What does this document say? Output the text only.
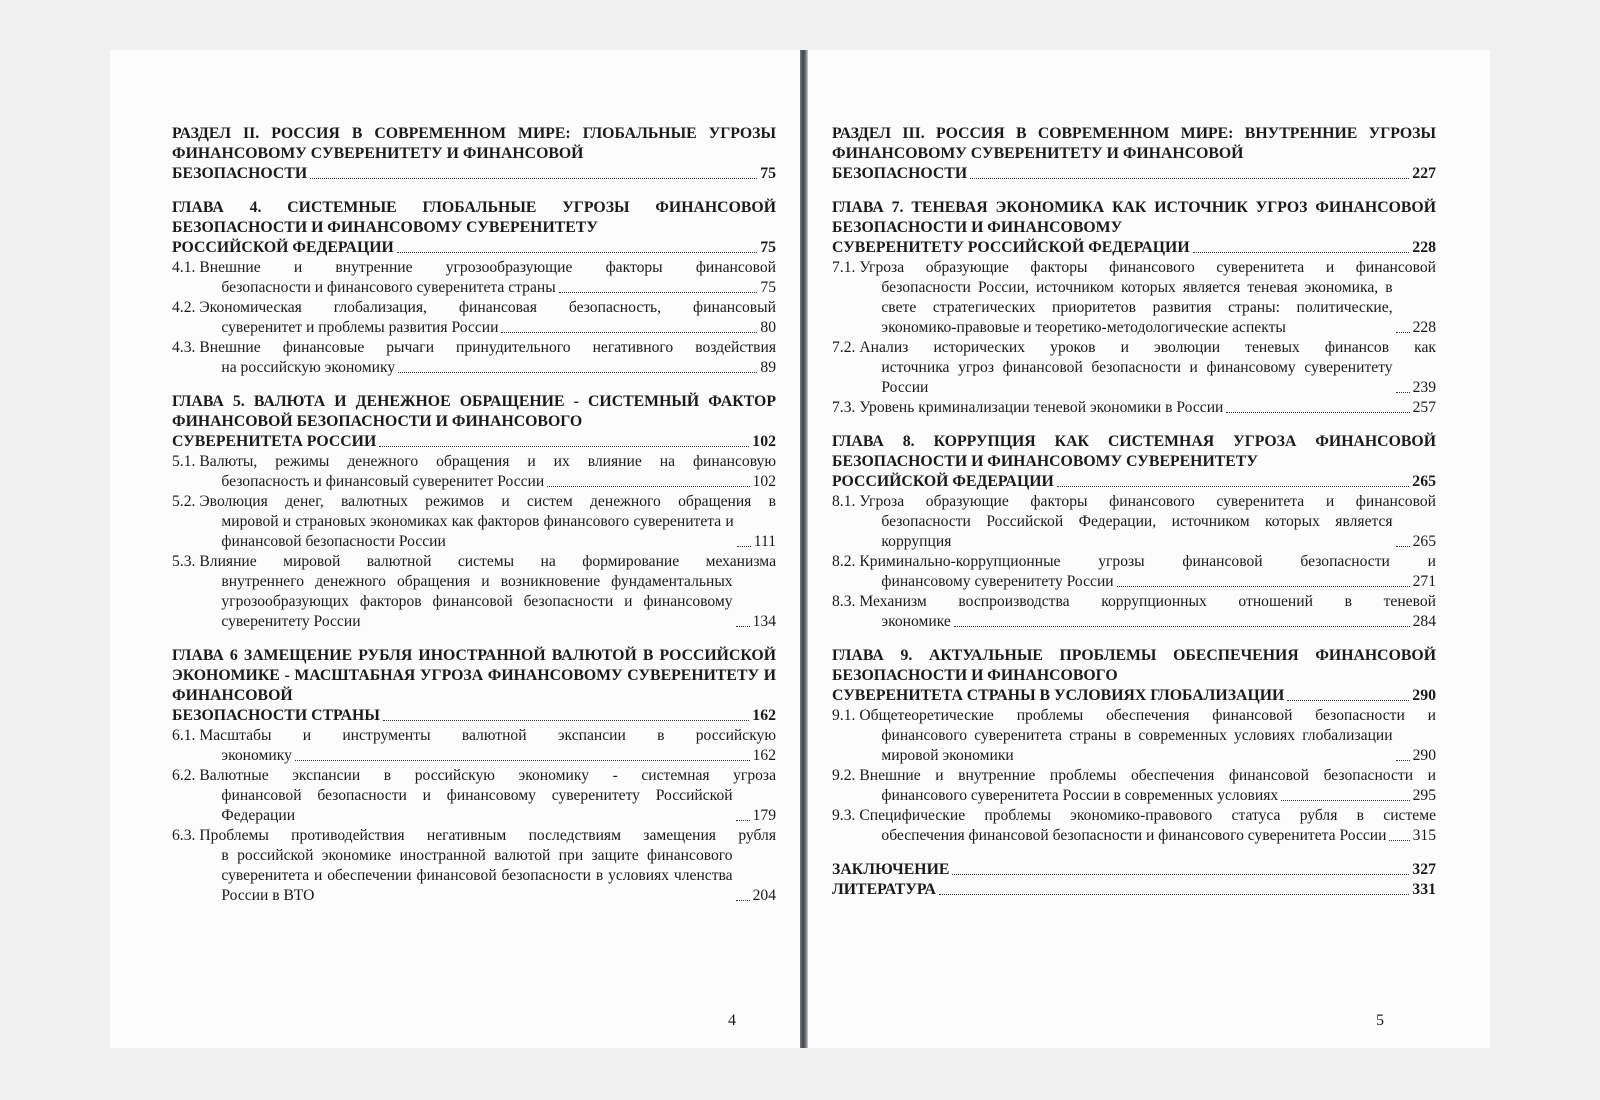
РАЗДЕЛ II. РОССИЯ В СОВРЕМЕННОМ МИРЕ: ГЛОБАЛЬНЫЕ УГРОЗЫ ФИНАНСОВОМУ СУВЕРЕНИТЕТУ И ФИНАНСОВОЙ
БЕЗОПАСНОСТИ	75
ГЛАВА 4. СИСТЕМНЫЕ ГЛОБАЛЬНЫЕ УГРОЗЫ ФИНАНСОВОЙ БЕЗОПАСНОСТИ И ФИНАНСОВОМУ СУВЕРЕНИТЕТУ
РОССИЙСКОЙ ФЕДЕРАЦИИ	75
4.1. Внешние и внутренние угрозообразующие факторы финансовой
безопасности и финансового суверенитета страны	75
4.2. Экономическая глобализация, финансовая безопасность, финансовый
суверенитет и проблемы развития России	80
4.3. Внешние финансовые рычаги принудительного негативного воздействия
на российскую экономику	89
ГЛАВА 5. ВАЛЮТА И ДЕНЕЖНОЕ ОБРАЩЕНИЕ - СИСТЕМНЫЙ ФАКТОР ФИНАНСОВОЙ БЕЗОПАСНОСТИ И ФИНАНСОВОГО
СУВЕРЕНИТЕТА РОССИИ	102
5.1. Валюты, режимы денежного обращения и их влияние на финансовую
безопасность и финансовый суверенитет России	102
5.2. Эволюция денег, валютных режимов и систем денежного обращения в
мировой и страновых экономиках как факторов финансового суверенитета и финансовой безопасности России	111
5.3. Влияние мировой валютной системы на формирование механизма
внутреннего денежного обращения и возникновение фундаментальных угрозообразующих факторов финансовой безопасности и финансовому суверенитету России	134
ГЛАВА 6 ЗАМЕЩЕНИЕ РУБЛЯ ИНОСТРАННОЙ ВАЛЮТОЙ В РОССИЙСКОЙ ЭКОНОМИКЕ - МАСШТАБНАЯ УГРОЗА ФИНАНСОВОМУ СУВЕРЕНИТЕТУ И ФИНАНСОВОЙ
БЕЗОПАСНОСТИ СТРАНЫ	162
6.1. Масштабы и инструменты валютной экспансии в российскую
экономику	162
6.2. Валютные экспансии в российскую экономику - системная угроза
финансовой безопасности и финансовому суверенитету Российской Федерации	179
6.3. Проблемы противодействия негативным последствиям замещения рубля
в российской экономике иностранной валютой при защите финансового суверенитета и обеспечении финансовой безопасности в условиях членства России в ВТО	204
РАЗДЕЛ III. РОССИЯ В СОВРЕМЕННОМ МИРЕ: ВНУТРЕННИЕ УГРОЗЫ ФИНАНСОВОМУ СУВЕРЕНИТЕТУ И ФИНАНСОВОЙ
БЕЗОПАСНОСТИ	227
ГЛАВА 7. ТЕНЕВАЯ ЭКОНОМИКА КАК ИСТОЧНИК УГРОЗ ФИНАНСОВОЙ БЕЗОПАСНОСТИ И ФИНАНСОВОМУ
СУВЕРЕНИТЕТУ РОССИЙСКОЙ ФЕДЕРАЦИИ	228
7.1. Угроза образующие факторы финансового суверенитета и финансовой
безопасности России, источником которых является теневая экономика, в свете стратегических приоритетов развития страны: политические, экономико-правовые и теоретико-методологические аспекты	228
7.2. Анализ исторических уроков и эволюции теневых финансов как
источника угроз финансовой безопасности и финансовому суверенитету России	239
7.3. Уровень криминализации теневой экономики в России	257
ГЛАВА 8. КОРРУПЦИЯ КАК СИСТЕМНАЯ УГРОЗА ФИНАНСОВОЙ БЕЗОПАСНОСТИ И ФИНАНСОВОМУ СУВЕРЕНИТЕТУ
РОССИЙСКОЙ ФЕДЕРАЦИИ	265
8.1. Угроза образующие факторы финансового суверенитета и финансовой
безопасности Российской Федерации, источником которых является коррупция	265
8.2. Криминально-коррупционные угрозы финансовой безопасности и
финансовому суверенитету России	271
8.3. Механизм воспроизводства коррупционных отношений в теневой
экономике	284
ГЛАВА 9. АКТУАЛЬНЫЕ ПРОБЛЕМЫ ОБЕСПЕЧЕНИЯ ФИНАНСОВОЙ БЕЗОПАСНОСТИ И ФИНАНСОВОГО
СУВЕРЕНИТЕТА СТРАНЫ В УСЛОВИЯХ ГЛОБАЛИЗАЦИИ	290
9.1. Общетеоретические проблемы обеспечения финансовой безопасности и
финансового суверенитета страны в современных условиях глобализации мировой экономики	290
9.2. Внешние и внутренние проблемы обеспечения финансовой безопасности и
финансового суверенитета России в современных условиях	295
9.3. Специфические проблемы экономико-правового статуса рубля в системе
обеспечения финансовой безопасности и финансового суверенитета России 315
ЗАКЛЮЧЕНИЕ	327
ЛИТЕРАТУРА	331
4	5
